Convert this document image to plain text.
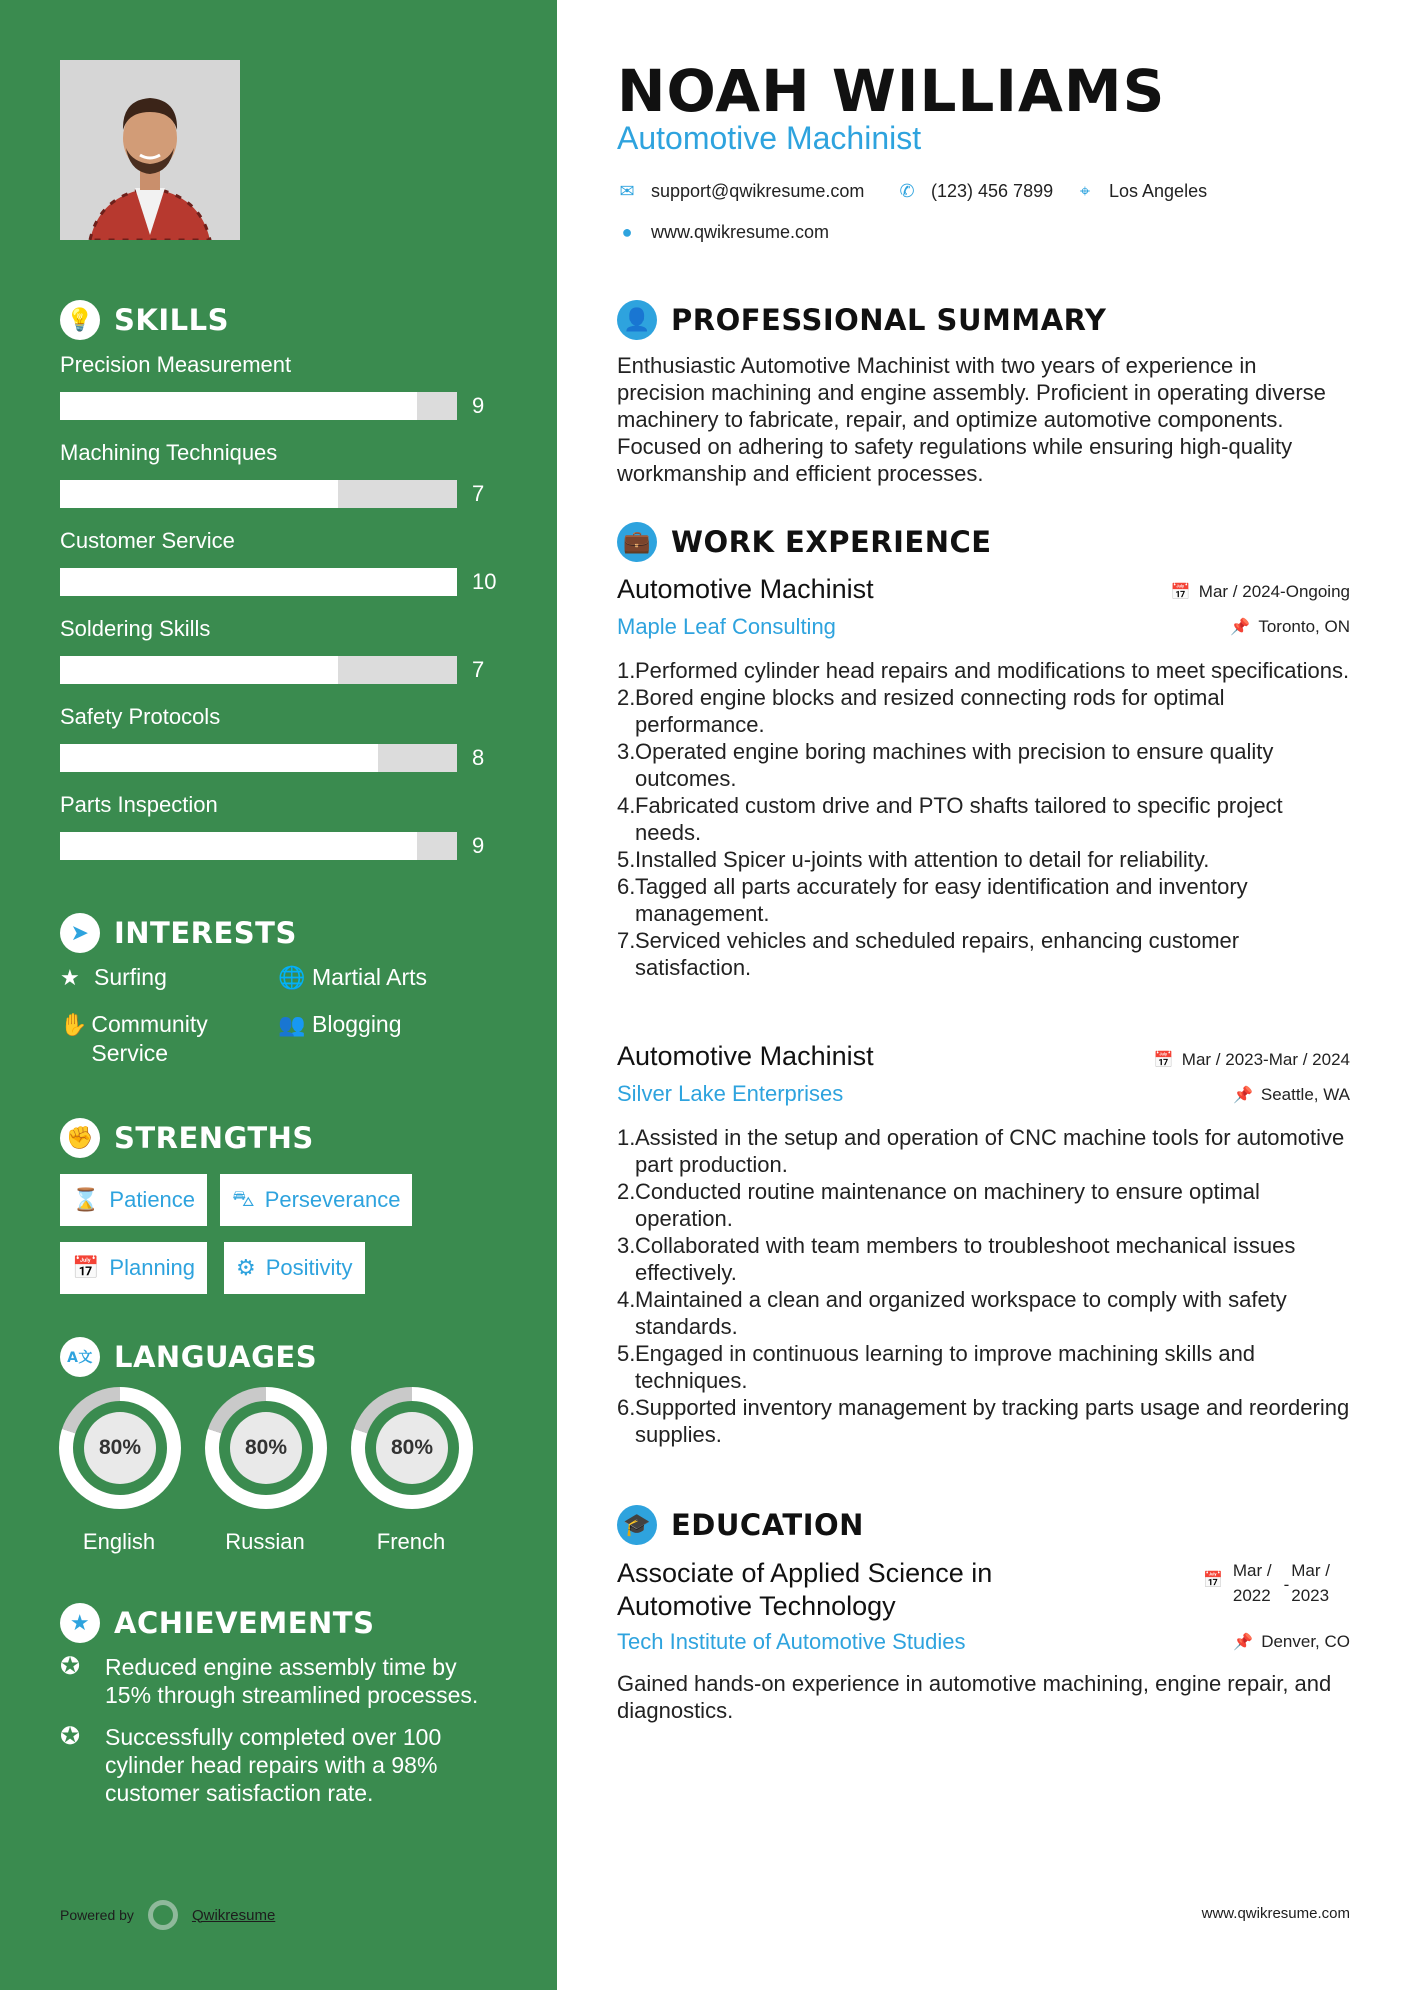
💡 SKILLS
Precision Measurement
9
Machining Techniques
7
Customer Service
10
Soldering Skills
7
Safety Protocols
8
Parts Inspection
9
➤ INTERESTS
★ Surfing	🌐 Martial Arts
✋ Community Service
👥 Blogging
✊ STRENGTHS
⌛ Patience ⛍ Perseverance
📅 Planning ⚙ Positivity
A文 LANGUAGES
80%
English
80%
Russian
80%
French
★ ACHIEVEMENTS
✪	Reduced engine assembly time by 15% through streamlined processes.
✪	Successfully completed over 100 cylinder head repairs with a 98% customer satisfaction rate.
Powered by	Qwikresume
NOAH WILLIAMS
Automotive Machinist
✉ support@qwikresume.com ✆ (123) 456 7899 ⌖ Los Angeles
● www.qwikresume.com
👤 PROFESSIONAL SUMMARY
Enthusiastic Automotive Machinist with two years of experience in precision machining and engine assembly. Proficient in operating diverse machinery to fabricate, repair, and optimize automotive components. Focused on adhering to safety regulations while ensuring high-quality workmanship and efficient processes.
💼 WORK EXPERIENCE
Automotive Machinist	📅 Mar / 2024-Ongoing
Maple Leaf Consulting	📌 Toronto, ON
Performed cylinder head repairs and modifications to meet specifications.
Bored engine blocks and resized connecting rods for optimal performance.
Operated engine boring machines with precision to ensure quality outcomes.
Fabricated custom drive and PTO shafts tailored to specific project needs.
Installed Spicer u-joints with attention to detail for reliability.
Tagged all parts accurately for easy identification and inventory management.
Serviced vehicles and scheduled repairs, enhancing customer satisfaction.
Automotive Machinist	📅 Mar / 2023-Mar / 2024
Silver Lake Enterprises	📌 Seattle, WA
Assisted in the setup and operation of CNC machine tools for automotive part production.
Conducted routine maintenance on machinery to ensure optimal operation.
Collaborated with team members to troubleshoot mechanical issues effectively.
Maintained a clean and organized workspace to comply with safety standards.
Engaged in continuous learning to improve machining skills and techniques.
Supported inventory management by tracking parts usage and reordering supplies.
🎓 EDUCATION
Associate of Applied Science in Automotive Technology
📅
Mar /
2022
-
Mar /
2023
Tech Institute of Automotive Studies	📌 Denver, CO
Gained hands-on experience in automotive machining, engine repair, and diagnostics.
www.qwikresume.com
